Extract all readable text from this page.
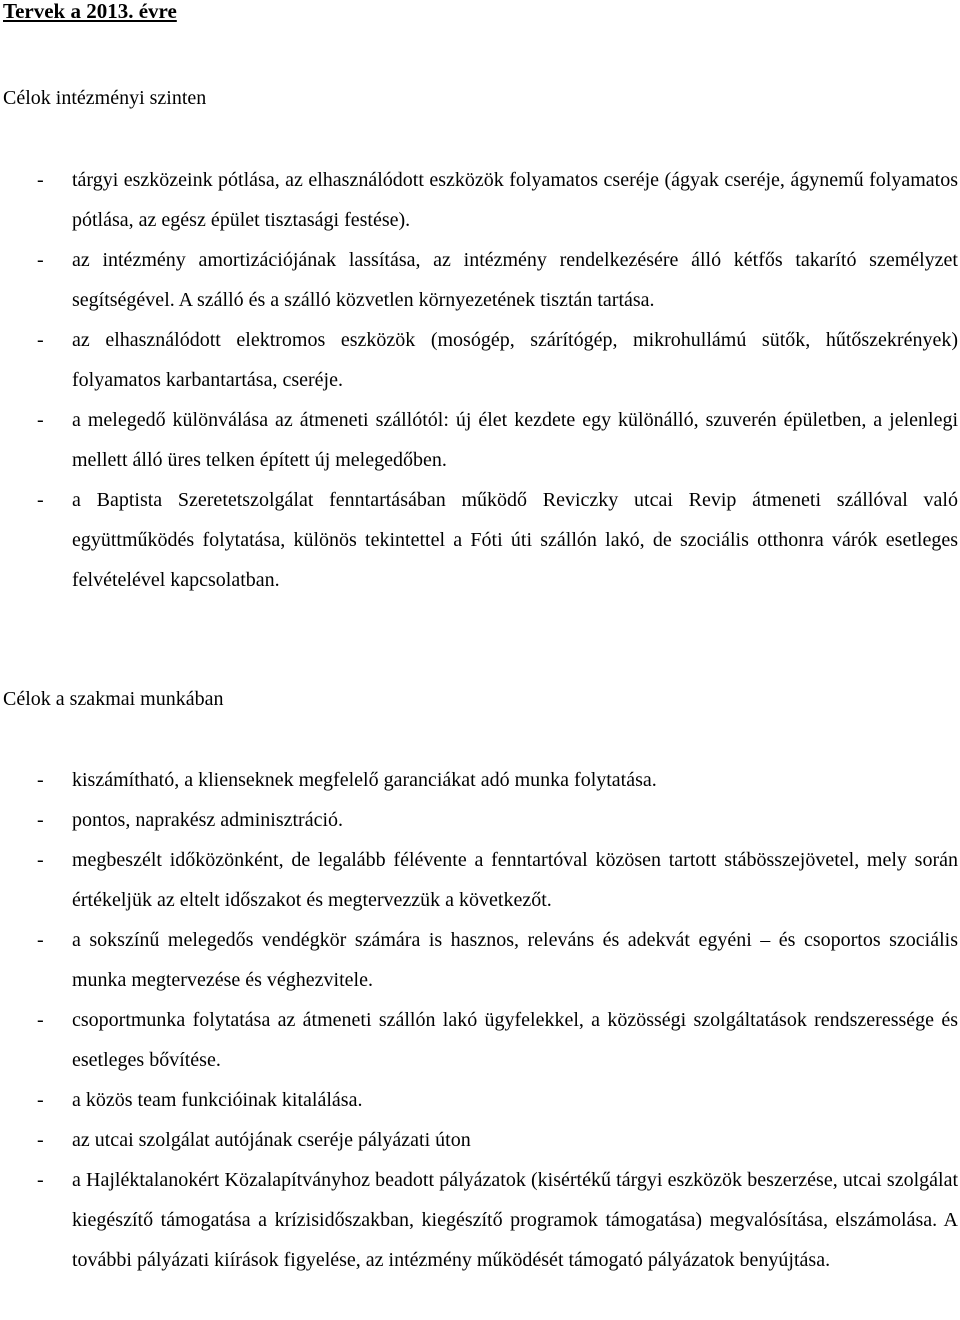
Tervek a 2013. évre
Célok intézményi szinten
- tárgyi eszközeink pótlása, az elhasználódott eszközök folyamatos cseréje (ágyak cseréje, ágynemű folyamatos pótlása, az egész épület tisztasági festése).
- az intézmény amortizációjának lassítása, az intézmény rendelkezésére álló kétfős takarító személyzet segítségével. A szálló és a szálló közvetlen környezetének tisztán tartása.
- az elhasználódott elektromos eszközök (mosógép, szárítógép, mikrohullámú sütők, hűtőszekrények) folyamatos karbantartása, cseréje.
- a melegedő különválása az átmeneti szállótól: új élet kezdete egy különálló, szuverén épületben, a jelenlegi mellett álló üres telken épített új melegedőben.
- a Baptista Szeretetszolgálat fenntartásában működő Reviczky utcai Revip átmeneti szállóval való együttműködés folytatása, különös tekintettel a Fóti úti szállón lakó, de szociális otthonra várók esetleges felvételével kapcsolatban.
Célok a szakmai munkában
- kiszámítható, a klienseknek megfelelő garanciákat adó munka folytatása.
- pontos, naprakész adminisztráció.
- megbeszélt időközönként, de legalább félévente a fenntartóval közösen tartott stábösszejövetel, mely során értékeljük az eltelt időszakot és megtervezzük a következőt.
- a sokszínű melegedős vendégkör számára is hasznos, releváns és adekvát egyéni – és csoportos szociális munka megtervezése és véghezvitele.
- csoportmunka folytatása az átmeneti szállón lakó ügyfelekkel, a közösségi szolgáltatások rendszeressége és esetleges bővítése.
- a közös team funkcióinak kitalálása.
- az utcai szolgálat autójának cseréje pályázati úton
- a Hajléktalanokért Közalapítványhoz beadott pályázatok (kisértékű tárgyi eszközök beszerzése, utcai szolgálat kiegészítő támogatása a krízisidőszakban, kiegészítő programok támogatása) megvalósítása, elszámolása. A további pályázati kiírások figyelése, az intézmény működését támogató pályázatok benyújtása.
